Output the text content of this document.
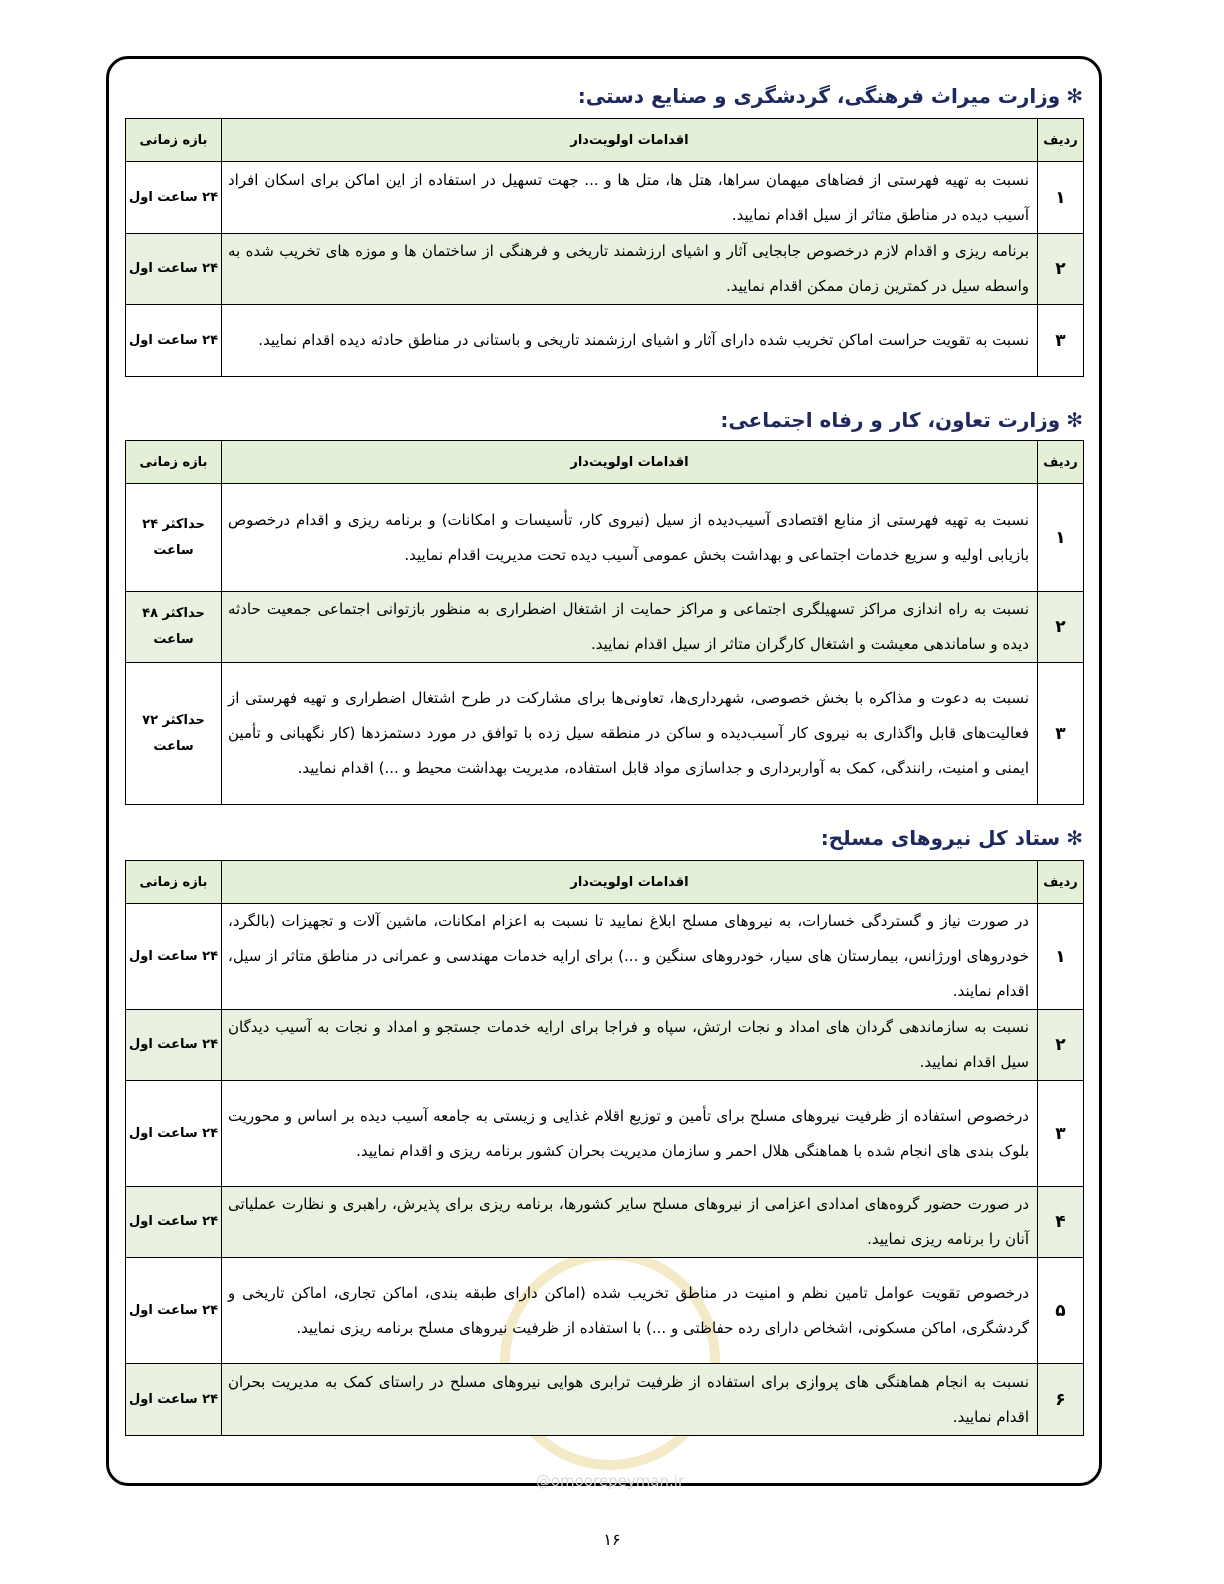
@omoorepeyman.ir
✻وزارت میراث فرهنگی، گردشگری و صنایع دستی:
ردیف	اقدامات اولویت‌دار	بازه زمانی
۱	نسبت به تهیه فهرستی از فضاهای میهمان سراها، هتل ها، متل ها و ... جهت تسهیل در استفاده از این اماکن برای اسکان افراد آسیب دیده در مناطق متاثر از سیل اقدام نمایید.	۲۴ ساعت اول
۲	برنامه ریزی و اقدام لازم درخصوص جابجایی آثار و اشیای ارزشمند تاریخی و فرهنگی از ساختمان ها و موزه های تخریب شده به واسطه سیل در کمترین زمان ممکن اقدام نمایید.	۲۴ ساعت اول
۳	نسبت به تقویت حراست اماکن تخریب شده دارای آثار و اشیای ارزشمند تاریخی و باستانی در مناطق حادثه دیده اقدام نمایید.	۲۴ ساعت اول
✻وزارت تعاون، کار و رفاه اجتماعی:
ردیف	اقدامات اولویت‌دار	بازه زمانی
۱	نسبت به تهیه فهرستی از منابع اقتصادی آسیب‌دیده از سیل (نیروی کار، تأسیسات و امکانات) و برنامه ریزی و اقدام درخصوص بازیابی اولیه و سریع خدمات اجتماعی و بهداشت بخش عمومی آسیب دیده تحت مدیریت اقدام نمایید.	حداکثر ۲۴ ساعت
۲	نسبت به راه اندازی مراکز تسهیلگری اجتماعی و مراکز حمایت از اشتغال اضطراری به منظور بازتوانی اجتماعی جمعیت حادثه دیده و ساماندهی معیشت و اشتغال کارگران متاثر از سیل اقدام نمایید.	حداکثر ۴۸ ساعت
۳	نسبت به دعوت و مذاکره با بخش خصوصی، شهرداری‌ها، تعاونی‌ها برای مشارکت در طرح اشتغال اضطراری و تهیه فهرستی از فعالیت‌های قابل واگذاری به نیروی کار آسیب‌دیده و ساکن در منطقه سیل زده با توافق در مورد دستمزدها (کار نگهبانی و تأمین ایمنی و امنیت، رانندگی، کمک به آواربرداری و جداسازی مواد قابل استفاده، مدیریت بهداشت محیط و ...) اقدام نمایید.	حداکثر ۷۲ ساعت
✻ستاد کل نیروهای مسلح:
ردیف	اقدامات اولویت‌دار	بازه زمانی
۱	در صورت نیاز و گستردگی خسارات، به نیروهای مسلح ابلاغ نمایید تا نسبت به اعزام امکانات، ماشین آلات و تجهیزات (بالگرد، خودروهای اورژانس، بیمارستان های سیار، خودروهای سنگین و ...) برای ارایه خدمات مهندسی و عمرانی در مناطق متاثر از سیل، اقدام نمایند.	۲۴ ساعت اول
۲	نسبت به سازماندهی گردان های امداد و نجات ارتش، سپاه و فراجا برای ارایه خدمات جستجو و امداد و نجات به آسیب دیدگان سیل اقدام نمایید.	۲۴ ساعت اول
۳	درخصوص استفاده از ظرفیت نیروهای مسلح برای تأمین و توزیع اقلام غذایی و زیستی به جامعه آسیب دیده بر اساس و محوریت بلوک بندی های انجام شده با هماهنگی هلال احمر و سازمان مدیریت بحران کشور برنامه ریزی و اقدام نمایید.	۲۴ ساعت اول
۴	در صورت حضور گروه‌های امدادی اعزامی از نیروهای مسلح سایر کشورها، برنامه ریزی برای پذیرش، راهبری و نظارت عملیاتی آنان را برنامه ریزی نمایید.	۲۴ ساعت اول
۵	درخصوص تقویت عوامل تامین نظم و امنیت در مناطق تخریب شده (اماکن دارای طبقه بندی، اماکن تجاری، اماکن تاریخی و گردشگری، اماکن مسکونی، اشخاص دارای رده حفاظتی و ...) با استفاده از ظرفیت نیروهای مسلح برنامه ریزی نمایید.	۲۴ ساعت اول
۶	نسبت به انجام هماهنگی های پروازی برای استفاده از ظرفیت ترابری هوایی نیروهای مسلح در راستای کمک به مدیریت بحران اقدام نمایید.	۲۴ ساعت اول
۱۶
